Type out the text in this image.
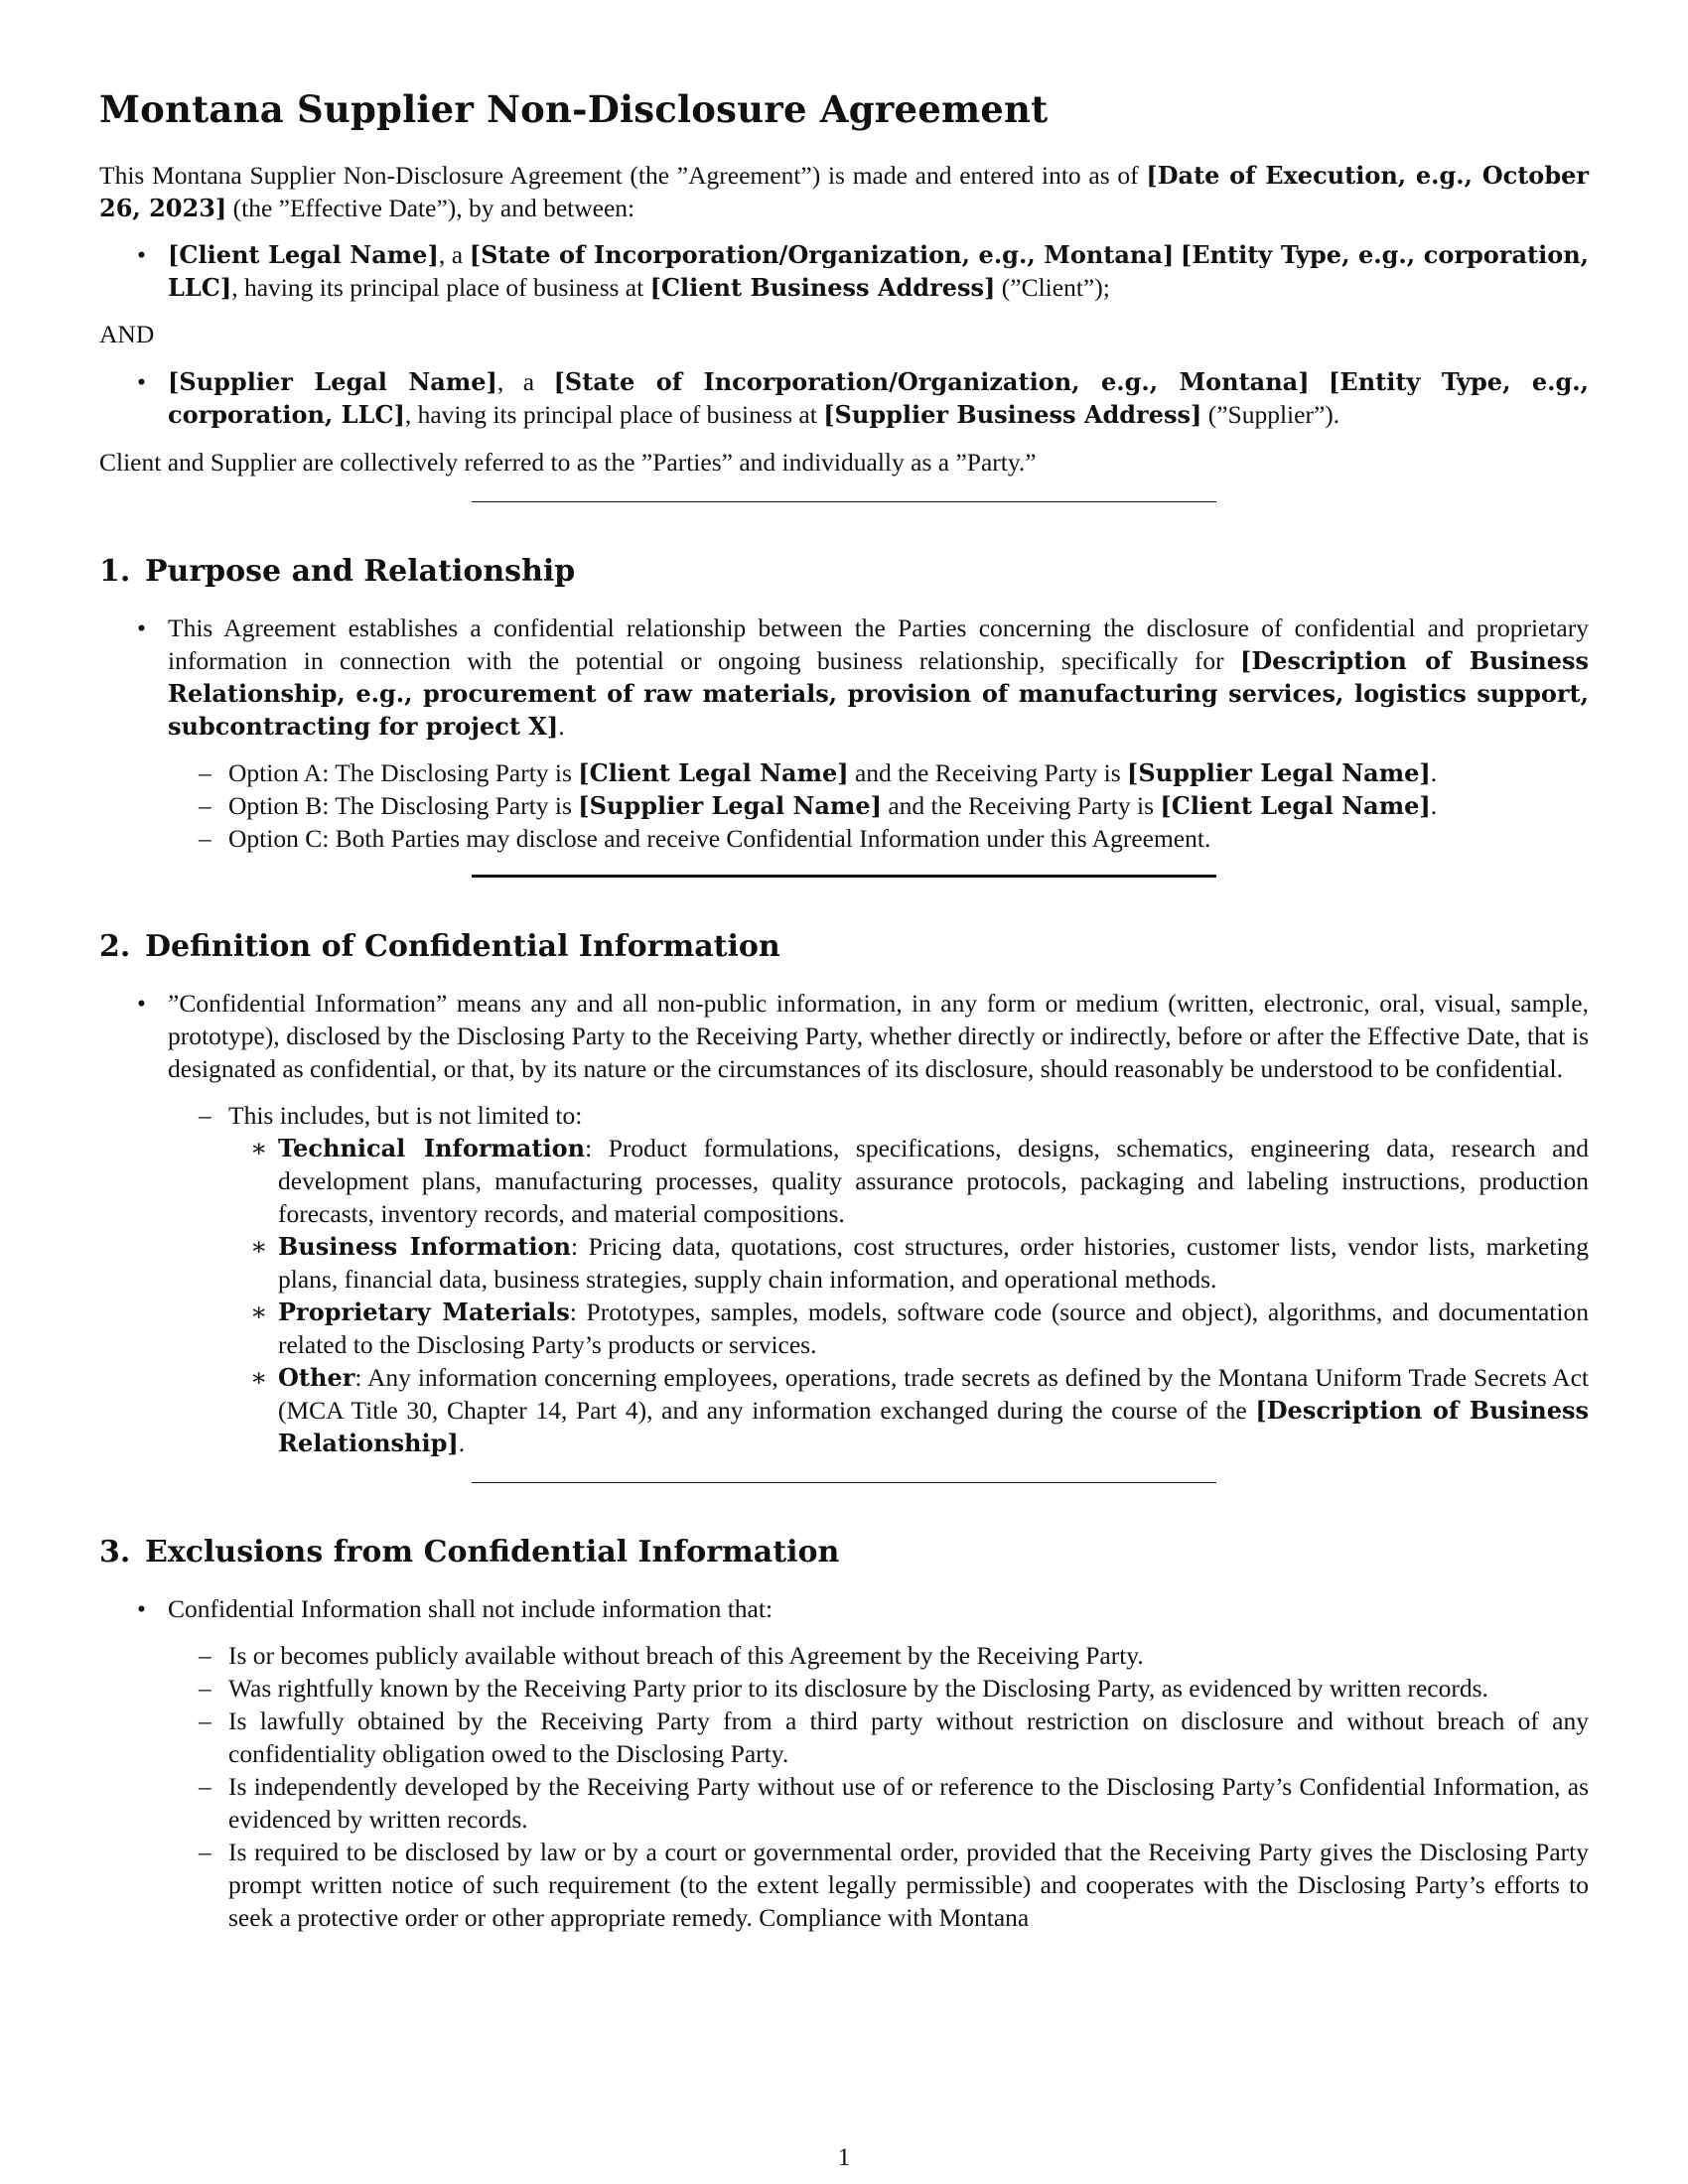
Montana Supplier Non-Disclosure Agreement

This Montana Supplier Non-Disclosure Agreement (the ”Agreement”) is made and entered into as of [Date of Execution, e.g., October 26, 2023] (the ”Effective Date”), by and between:

• [Client Legal Name], a [State of Incorporation/Organization, e.g., Montana] [Entity Type, e.g., corporation, LLC], having its principal place of business at [Client Business Address] (”Client”);

AND

• [Supplier Legal Name], a [State of Incorporation/Organization, e.g., Montana] [Entity Type, e.g., corporation, LLC], having its principal place of business at [Supplier Business Address] (”Supplier”).

Client and Supplier are collectively referred to as the ”Parties” and individually as a ”Party.”

1. Purpose and Relationship
• This Agreement establishes a confidential relationship between the Parties concerning the disclosure of confidential and proprietary information in connection with the potential or ongoing business relationship, specifically for [Description of Business Relationship, e.g., procurement of raw materials, provision of manufacturing services, logistics support, subcontracting for project X].
– Option A: The Disclosing Party is [Client Legal Name] and the Receiving Party is [Supplier Legal Name].
– Option B: The Disclosing Party is [Supplier Legal Name] and the Receiving Party is [Client Legal Name].
– Option C: Both Parties may disclose and receive Confidential Information under this Agreement.
2. Definition of Confidential Information
• ”Confidential Information” means any and all non-public information, in any form or medium (written, electronic, oral, visual, sample, prototype), disclosed by the Disclosing Party to the Receiving Party, whether directly or indirectly, before or after the Effective Date, that is designated as confidential, or that, by its nature or the circumstances of its disclosure, should reasonably be understood to be confidential.
– This includes, but is not limited to:
∗ Technical Information: Product formulations, specifications, designs, schematics, engineering data, research and development plans, manufacturing processes, quality assurance protocols, packaging and labeling instructions, production forecasts, inventory records, and material compositions.
∗ Business Information: Pricing data, quotations, cost structures, order histories, customer lists, vendor lists, marketing plans, financial data, business strategies, supply chain information, and operational methods.
∗ Proprietary Materials: Prototypes, samples, models, software code (source and object), algorithms, and documentation related to the Disclosing Party’s products or services.
∗ Other: Any information concerning employees, operations, trade secrets as defined by the Montana Uniform Trade Secrets Act (MCA Title 30, Chapter 14, Part 4), and any information exchanged during the course of the [Description of Business Relationship].
3. Exclusions from Confidential Information
• Confidential Information shall not include information that:
– Is or becomes publicly available without breach of this Agreement by the Receiving Party.
– Was rightfully known by the Receiving Party prior to its disclosure by the Disclosing Party, as evidenced by written records.
– Is lawfully obtained by the Receiving Party from a third party without restriction on disclosure and without breach of any confidentiality obligation owed to the Disclosing Party.
– Is independently developed by the Receiving Party without use of or reference to the Disclosing Party’s Confidential Information, as evidenced by written records.
– Is required to be disclosed by law or by a court or governmental order, provided that the Receiving Party gives the Disclosing Party prompt written notice of such requirement (to the extent legally permissible) and cooperates with the Disclosing Party’s efforts to seek a protective order or other appropriate remedy. Compliance with Montana
1
